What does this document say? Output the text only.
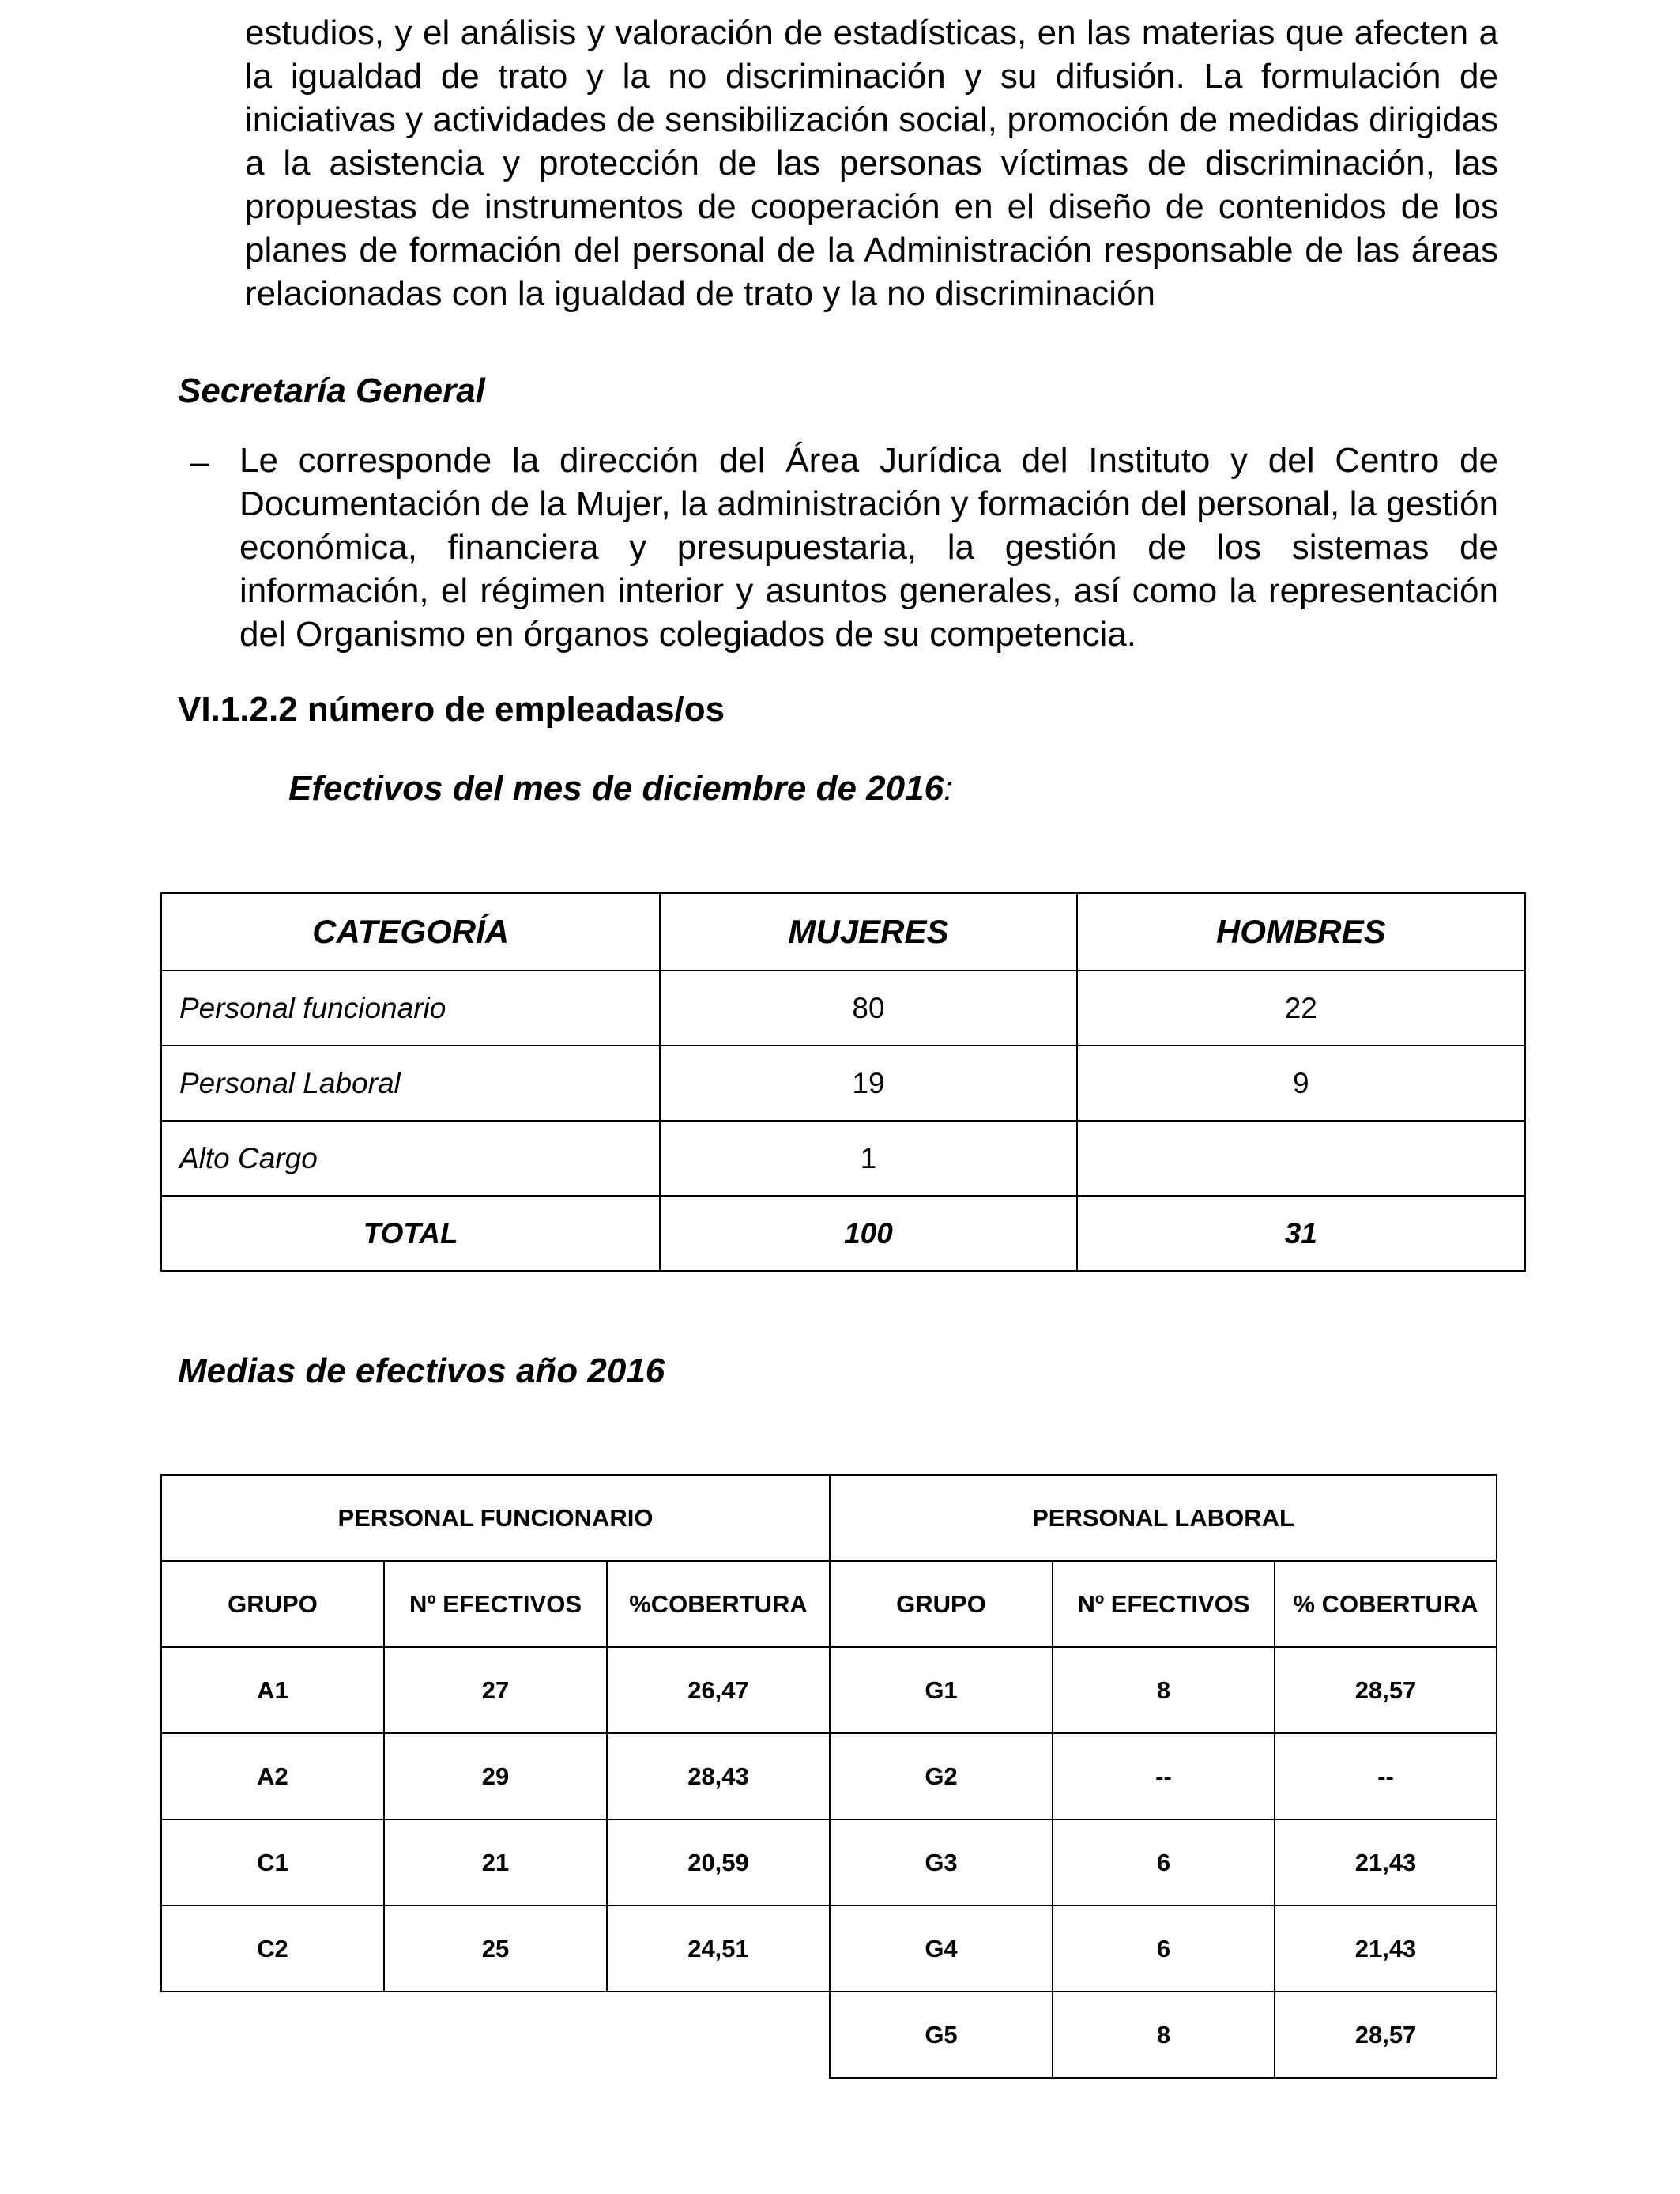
estudios, y el análisis y valoración de estadísticas, en las materias que afecten a la igualdad de trato y la no discriminación y su difusión. La formulación de iniciativas y actividades de sensibilización social, promoción de medidas dirigidas a la asistencia y protección de las personas víctimas de discriminación, las propuestas de instrumentos de cooperación en el diseño de contenidos de los planes de formación del personal de la Administración responsable de las áreas relacionadas con la igualdad de trato y la no discriminación

Secretaría General

– Le corresponde la dirección del Área Jurídica del Instituto y del Centro de Documentación de la Mujer, la administración y formación del personal, la gestión económica, financiera y presupuestaria, la gestión de los sistemas de información, el régimen interior y asuntos generales, así como la representación del Organismo en órganos colegiados de su competencia.

VI.1.2.2 número de empleadas/os

Efectivos del mes de diciembre de 2016:

CATEGORÍA	MUJERES	HOMBRES
Personal funcionario	80	22
Personal Laboral	19	9
Alto Cargo	1	
TOTAL	100	31

Medias de efectivos año 2016

PERSONAL FUNCIONARIO			PERSONAL LABORAL		
GRUPO	Nº EFECTIVOS	%COBERTURA	GRUPO	Nº EFECTIVOS	% COBERTURA
A1	27	26,47	G1	8	28,57
A2	29	28,43	G2	--	--
C1	21	20,59	G3	6	21,43
C2	25	24,51	G4	6	21,43
			G5	8	28,57
